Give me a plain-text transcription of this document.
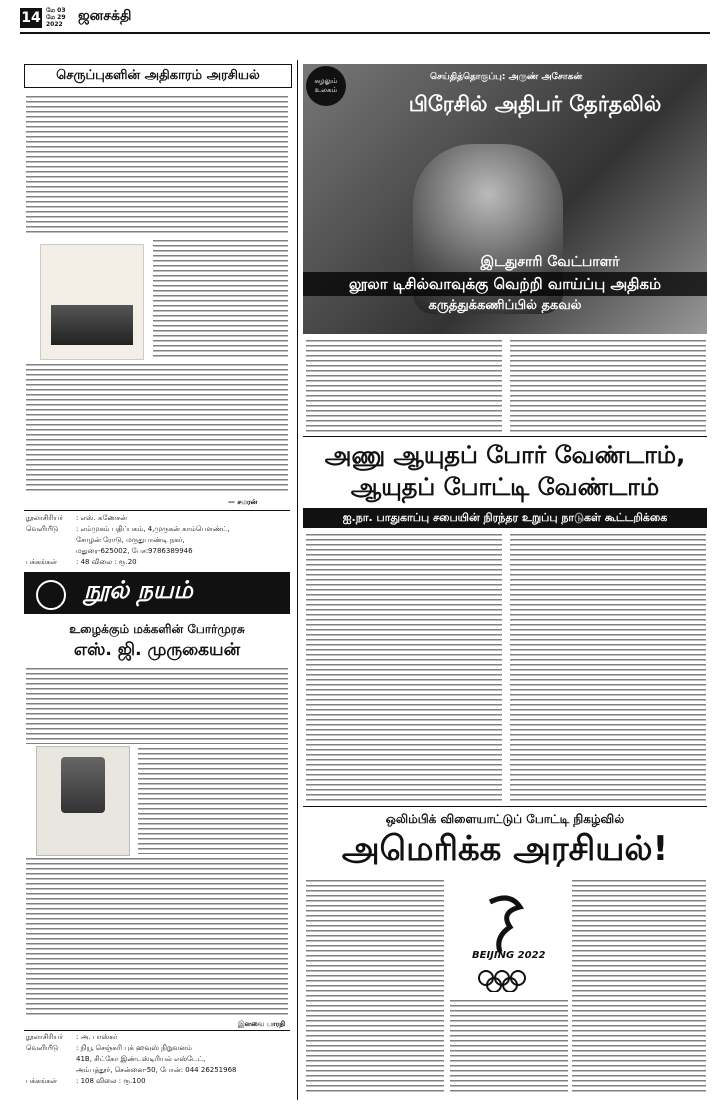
14 மே 03
மே 29
2022
ஜனசக்தி
செருப்புகளின் அதிகாரம் அரசியல்
— சமரன்
நூலாசிரியர் : எஸ். கணேசன்
வெளியீடு	: எம்முகம் பதிப்பகம், 4,முருகன் காம்பௌண்ட்,
சோழன் ரோடு, மருதுபாண்டி நகர்,
மதுரை-625002, பேச:9786389946
பக்கங்கள்	: 48 விலை : ரூ.20
நூல் நயம்
உழைக்கும் மக்களின் போர்முரசு
எஸ். ஜி. முருகையன்
இளவை பாரதி
நூலாசிரியர் : அ. பாஸ்கர்
வெளியீடு	: நியூ செஞ்சுரி புக் ஹவுஸ் நிறுவனம்
41B, சிட்கோ இண்டஸ்டிரியல் எஸ்டேட்,
அம்பத்தூர், சென்னை-50, போன்: 044 26251968
பக்கங்கள்	: 108 விலை : ரூ.100
சுழலும்
உலகம்
செய்தித்தொகுப்பு: அருண் அசோகன்
பிரேசில் அதிபர் தேர்தலில்
இடதுசாரி வேட்பாளர்
லூலா டிசில்வாவுக்கு வெற்றி வாய்ப்பு அதிகம்
கருத்துக்கணிப்பில் தகவல்
அணு ஆயுதப் போர் வேண்டாம்,
ஆயுதப் போட்டி வேண்டாம்
ஐ.நா. பாதுகாப்பு சபையின் நிரந்தர உறுப்பு நாடுகள் கூட்டறிக்கை
ஒலிம்பிக் விளையாட்டுப் போட்டி நிகழ்வில்
அமெரிக்க அரசியல்!
BEIJING 2022
